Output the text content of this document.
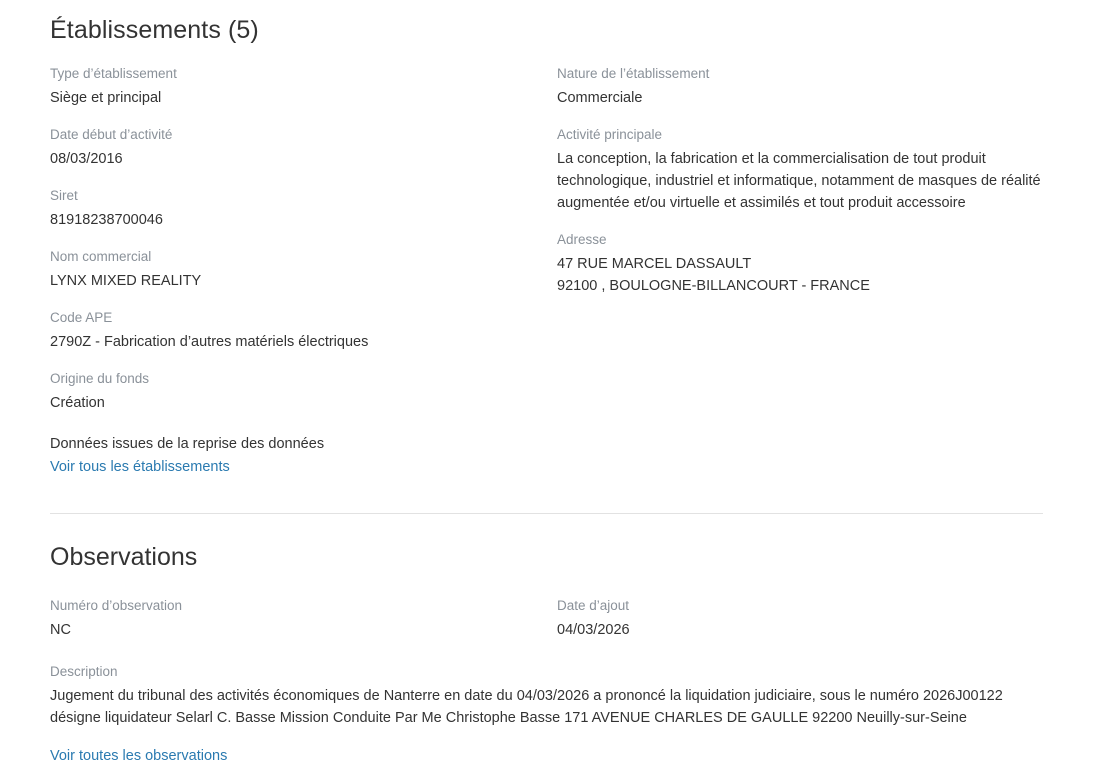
Établissements (5)
Type d’établissement
Siège et principal
Date début d’activité
08/03/2016
Siret
81918238700046
Nom commercial
LYNX MIXED REALITY
Code APE
2790Z - Fabrication d’autres matériels électriques
Origine du fonds
Création
Données issues de la reprise des données
Voir tous les établissements
Nature de l’établissement
Commerciale
Activité principale
La conception, la fabrication et la commercialisation de tout produit technologique, industriel et informatique, notamment de masques de réalité augmentée et/ou virtuelle et assimilés et tout produit accessoire
Adresse
47 RUE MARCEL DASSAULT
92100 , BOULOGNE-BILLANCOURT - FRANCE
Observations
Numéro d’observation
NC
Date d’ajout
04/03/2026
Description
Jugement du tribunal des activités économiques de Nanterre en date du 04/03/2026 a prononcé la liquidation judiciaire, sous le numéro 2026J00122 désigne liquidateur Selarl C. Basse Mission Conduite Par Me Christophe Basse 171 AVENUE CHARLES DE GAULLE 92200 Neuilly-sur-Seine
Voir toutes les observations
